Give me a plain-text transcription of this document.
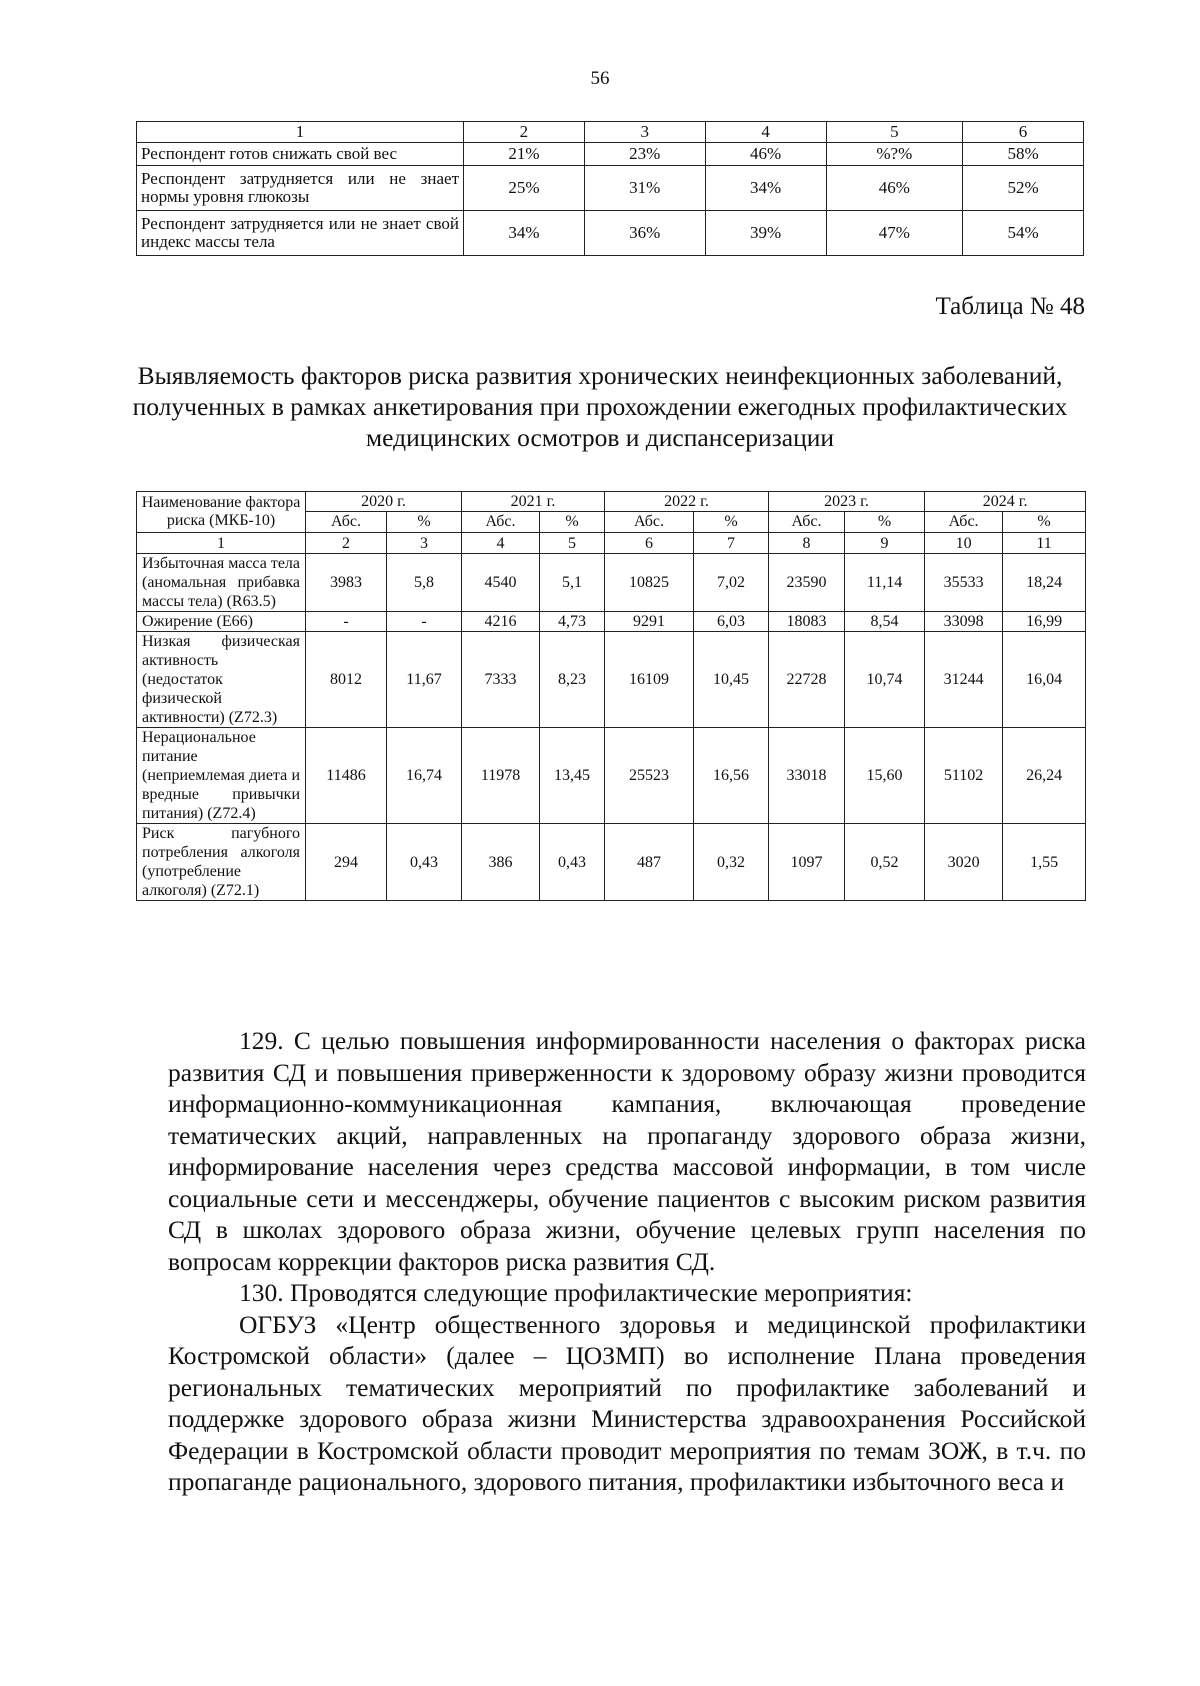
56
1	2	3	4	5	6
Респондент готов снижать свой вес	21%	23%	46%	%?%	58%
Респондент затрудняется или не знает нормы уровня глюкозы	25%	31%	34%	46%	52%
Респондент затрудняется или не знает свой индекс массы тела	34%	36%	39%	47%	54%
Таблица № 48
Выявляемость факторов риска развития хронических неинфекционных заболеваний, полученных в рамках анкетирования при прохождении ежегодных профилактических медицинских осмотров и диспансеризации
Наименование фактора риска (МКБ-10)	2020 г.		2021 г.		2022 г.		2023 г.		2024 г.	
	Абс.	%	Абс.	%	Абс.	%	Абс.	%	Абс.	%
1	2	3	4	5	6	7	8	9	10	11
Избыточная масса тела (аномальная прибавка массы тела) (R63.5)	3983	5,8	4540	5,1	10825	7,02	23590	11,14	35533	18,24
Ожирение (E66)	-	-	4216	4,73	9291	6,03	18083	8,54	33098	16,99
Низкая физическая активность (недостаток физической активности) (Z72.3)	8012	11,67	7333	8,23	16109	10,45	22728	10,74	31244	16,04
Нерациональное питание (неприемлемая диета и вредные привычки питания) (Z72.4)	11486	16,74	11978	13,45	25523	16,56	33018	15,60	51102	26,24
Риск пагубного потребления алкоголя (употребление алкоголя) (Z72.1)	294	0,43	386	0,43	487	0,32	1097	0,52	3020	1,55

129. С целью повышения информированности населения о факторах риска развития СД и повышения приверженности к здоровому образу жизни проводится информационно-коммуникационная кампания, включающая проведение тематических акций, направленных на пропаганду здорового образа жизни, информирование населения через средства массовой информации, в том числе социальные сети и мессенджеры, обучение пациентов с высоким риском развития СД в школах здорового образа жизни, обучение целевых групп населения по вопросам коррекции факторов риска развития СД.

130. Проводятся следующие профилактические мероприятия:

ОГБУЗ «Центр общественного здоровья и медицинской профилактики Костромской области» (далее – ЦОЗМП) во исполнение Плана проведения региональных тематических мероприятий по профилактике заболеваний и поддержке здорового образа жизни Министерства здравоохранения Российской Федерации в Костромской области проводит мероприятия по темам ЗОЖ, в т.ч. по пропаганде рационального, здорового питания, профилактики избыточного веса и
